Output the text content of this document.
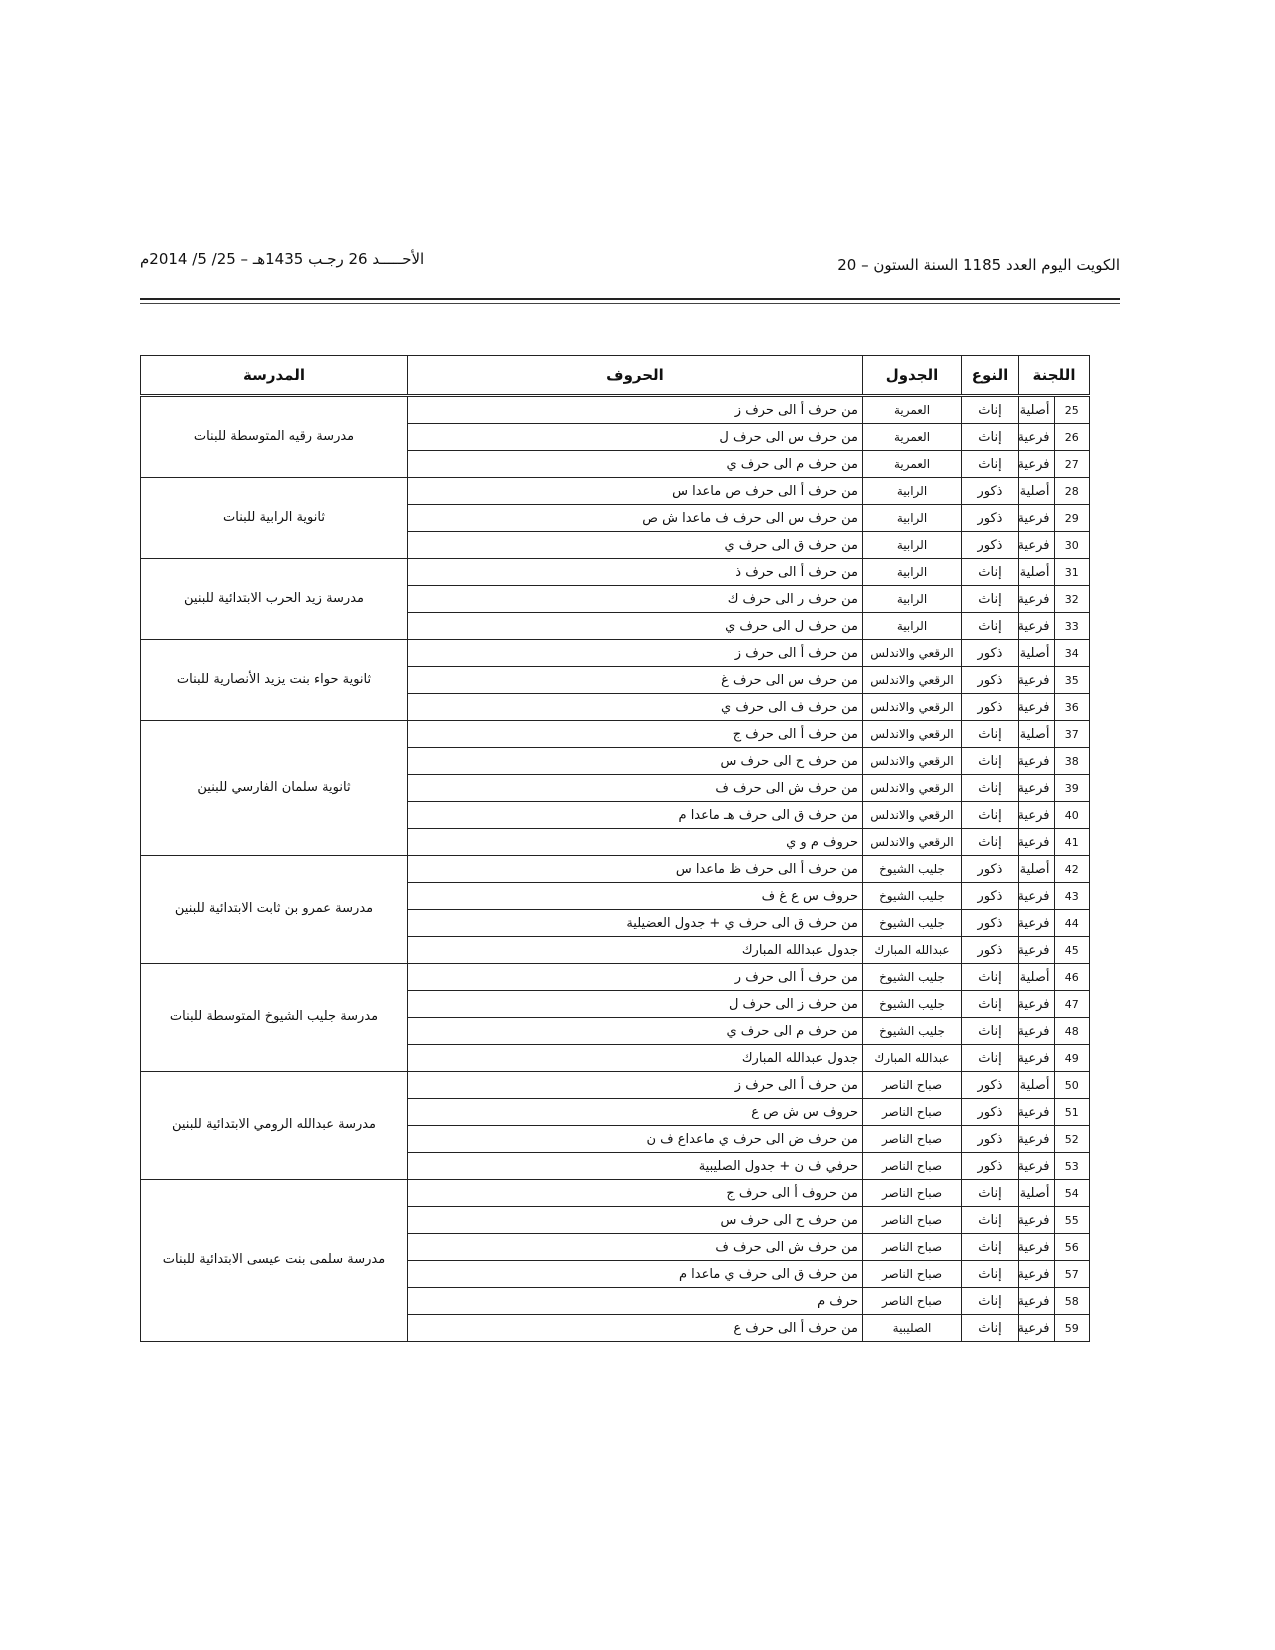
الكويت اليوم العدد 1185 السنة الستون – 20
الأحـــــد 26 رجـب 1435هـ – 25/ 5/ 2014م
اللجنة		النوع	الجدول	الحروف	المدرسة
25	أصلية	إناث	العمرية	من حرف أ الى حرف ز	مدرسة رقيه المتوسطة للبنات
26	فرعية	إناث	العمرية	من حرف س الى حرف ل	
27	فرعية	إناث	العمرية	من حرف م الى حرف ي	
28	أصلية	ذكور	الرابية	من حرف أ الى حرف ص ماعدا س	ثانوية الرابية للبنات
29	فرعية	ذكور	الرابية	من حرف س الى حرف ف ماعدا ش ص	
30	فرعية	ذكور	الرابية	من حرف ق الى حرف ي	
31	أصلية	إناث	الرابية	من حرف أ الى حرف ذ	مدرسة زيد الحرب الابتدائية للبنين
32	فرعية	إناث	الرابية	من حرف ر الى حرف ك	
33	فرعية	إناث	الرابية	من حرف ل الى حرف ي	
34	أصلية	ذكور	الرقعي والاندلس	من حرف أ الى حرف ز	ثانوية حواء بنت يزيد الأنصارية للبنات
35	فرعية	ذكور	الرقعي والاندلس	من حرف س الى حرف غ	
36	فرعية	ذكور	الرقعي والاندلس	من حرف ف الى حرف ي	
37	أصلية	إناث	الرقعي والاندلس	من حرف أ الى حرف ج	ثانوية سلمان الفارسي للبنين
38	فرعية	إناث	الرقعي والاندلس	من حرف ح الى حرف س	
39	فرعية	إناث	الرقعي والاندلس	من حرف ش الى حرف ف	
40	فرعية	إناث	الرقعي والاندلس	من حرف ق الى حرف هـ ماعدا م	
41	فرعية	إناث	الرقعي والاندلس	حروف م و ي	
42	أصلية	ذكور	جليب الشيوخ	من حرف أ الى حرف ظ ماعدا س	مدرسة عمرو بن ثابت الابتدائية للبنين
43	فرعية	ذكور	جليب الشيوخ	حروف س ع غ ف	
44	فرعية	ذكور	جليب الشيوخ	من حرف ق الى حرف ي + جدول العضيلية	
45	فرعية	ذكور	عبدالله المبارك	جدول عبدالله المبارك	
46	أصلية	إناث	جليب الشيوخ	من حرف أ الى حرف ر	مدرسة جليب الشيوخ المتوسطة للبنات
47	فرعية	إناث	جليب الشيوخ	من حرف ز الى حرف ل	
48	فرعية	إناث	جليب الشيوخ	من حرف م الى حرف ي	
49	فرعية	إناث	عبدالله المبارك	جدول عبدالله المبارك	
50	أصلية	ذكور	صباح الناصر	من حرف أ الى حرف ز	مدرسة عبدالله الرومي الابتدائية للبنين
51	فرعية	ذكور	صباح الناصر	حروف س ش ص ع	
52	فرعية	ذكور	صباح الناصر	من حرف ض الى حرف ي ماعداع ف ن	
53	فرعية	ذكور	صباح الناصر	حرفي ف ن + جدول الصليبية	
54	أصلية	إناث	صباح الناصر	من حروف أ الى حرف ج	مدرسة سلمى بنت عيسى الابتدائية للبنات
55	فرعية	إناث	صباح الناصر	من حرف ح الى حرف س	
56	فرعية	إناث	صباح الناصر	من حرف ش الى حرف ف	
57	فرعية	إناث	صباح الناصر	من حرف ق الى حرف ي ماعدا م	
58	فرعية	إناث	صباح الناصر	حرف م	
59	فرعية	إناث	الصليبية	من حرف أ الى حرف ع	
